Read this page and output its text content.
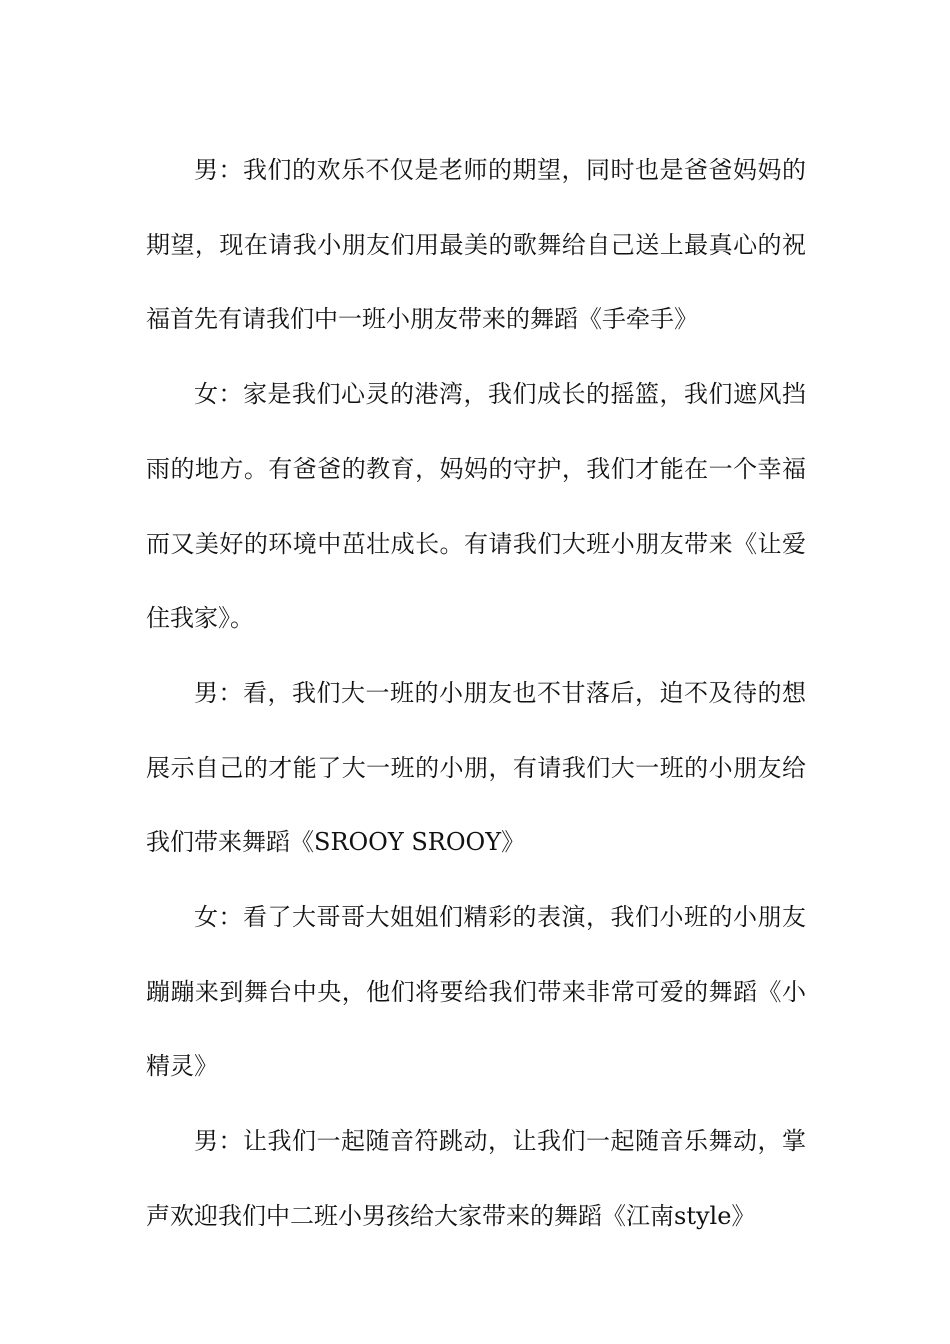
男：我们的欢乐不仅是老师的期望，同时也是爸爸妈妈的期望，现在请我小朋友们用最美的歌舞给自己送上最真心的祝福首先有请我们中一班小朋友带来的舞蹈《手牵手》

女：家是我们心灵的港湾，我们成长的摇篮，我们遮风挡雨的地方。有爸爸的教育，妈妈的守护，我们才能在一个幸福而又美好的环境中茁壮成长。有请我们大班小朋友带来《让爱住我家》。

男：看，我们大一班的小朋友也不甘落后，迫不及待的想展示自己的才能了大一班的小朋，有请我们大一班的小朋友给我们带来舞蹈《SROOY SROOY》

女：看了大哥哥大姐姐们精彩的表演，我们小班的小朋友蹦蹦来到舞台中央，他们将要给我们带来非常可爱的舞蹈《小精灵》

男：让我们一起随音符跳动，让我们一起随音乐舞动，掌声欢迎我们中二班小男孩给大家带来的舞蹈《江南style》
